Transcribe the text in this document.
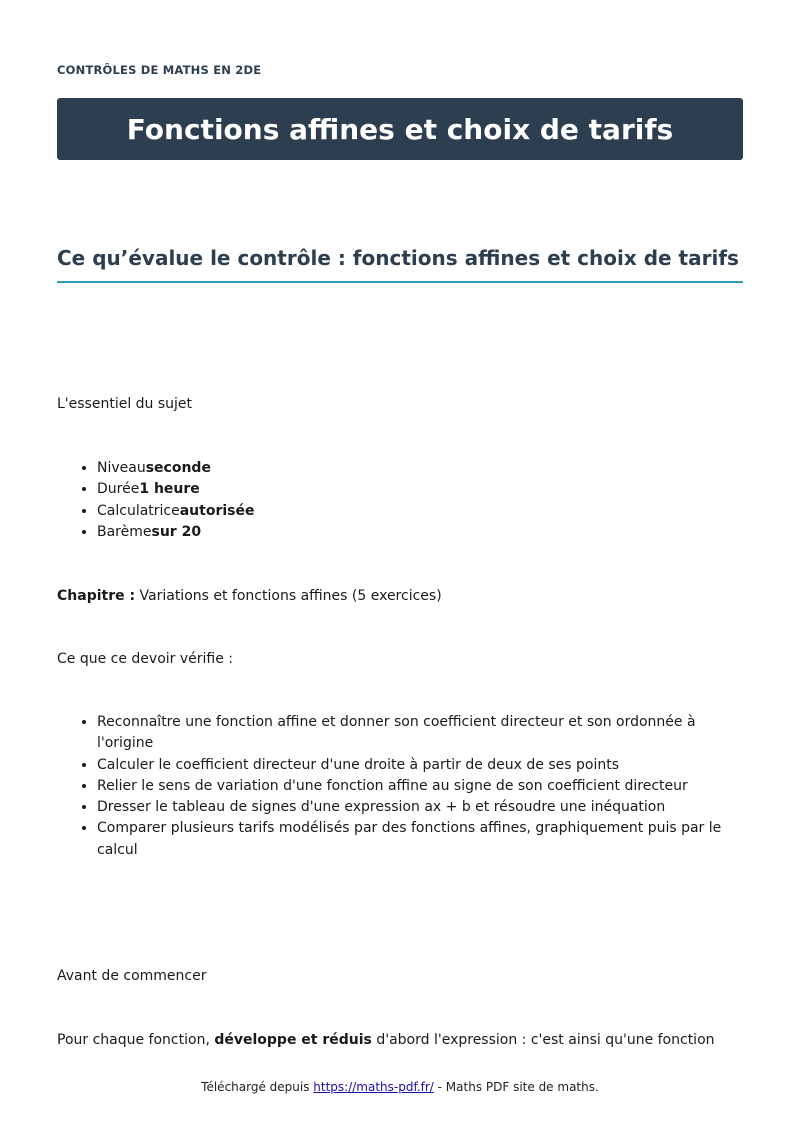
CONTRÔLES DE MATHS EN 2DE
Fonctions affines et choix de tarifs
Ce qu’évalue le contrôle : fonctions affines et choix de tarifs

L'essentiel du sujet

• Niveauseconde
• Durée1 heure
• Calculatriceautorisée
• Barèmesur 20

Chapitre : Variations et fonctions affines (5 exercices)

Ce que ce devoir vérifie :

• Reconnaître une fonction affine et donner son coefficient directeur et son ordonnée à l'origine
• Calculer le coefficient directeur d'une droite à partir de deux de ses points
• Relier le sens de variation d'une fonction affine au signe de son coefficient directeur
• Dresser le tableau de signes d'une expression ax + b et résoudre une inéquation
• Comparer plusieurs tarifs modélisés par des fonctions affines, graphiquement puis par le calcul

Avant de commencer

Pour chaque fonction, développe et réduis d'abord l'expression : c'est ainsi qu'une fonction

Téléchargé depuis https://maths-pdf.fr/ - Maths PDF site de maths.
